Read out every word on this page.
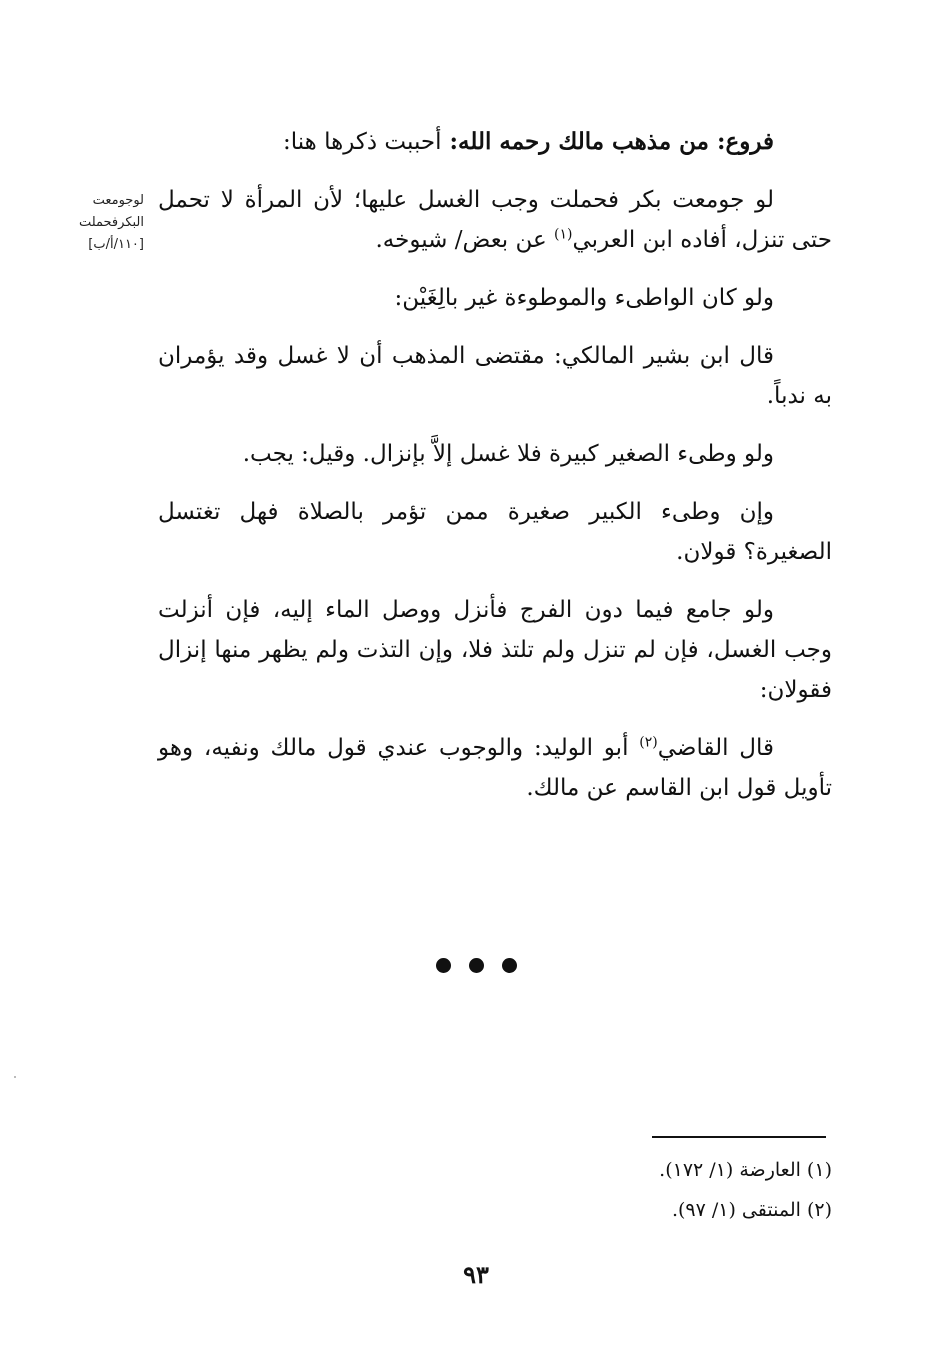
لوجومعت
البكرفحملت
[١١٠/أ/ب]

فروع: من مذهب مالك رحمه الله: أحببت ذكرها هنا:

لو جومعت بكر فحملت وجب الغسل عليها؛ لأن المرأة لا تحمل حتى تنزل، أفاده ابن العربي$^{(١)}$ عن بعض/ شيوخه.

ولو كان الواطىء والموطوءة غير بالِغَيْن:

قال ابن بشير المالكي: مقتضى المذهب أن لا غسل وقد يؤمران به ندباً.

ولو وطىء الصغير كبيرة فلا غسل إلاَّ بإنزال. وقيل: يجب.

وإن وطىء الكبير صغيرة ممن تؤمر بالصلاة فهل تغتسل الصغيرة؟ قولان.

ولو جامع فيما دون الفرج فأنزل ووصل الماء إليه، فإن أنزلت وجب الغسل، فإن لم تنزل ولم تلتذ فلا، وإن التذت ولم يظهر منها إنزال فقولان:

قال القاضي$^{(٢)}$ أبو الوليد: والوجوب عندي قول مالك ونفيه، وهو تأويل قول ابن القاسم عن مالك.

(١) العارضة (١/ ١٧٢).
(٢) المنتقى (١/ ٩٧).
٩٣
